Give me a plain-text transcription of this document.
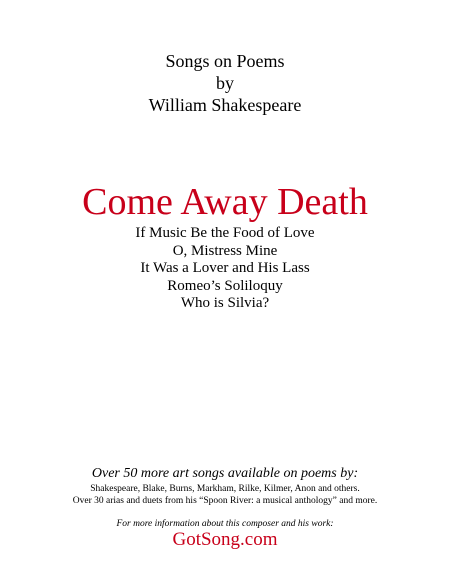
Songs on Poems
by
William Shakespeare
Come Away Death
If Music Be the Food of Love
O, Mistress Mine
It Was a Lover and His Lass
Romeo’s Soliloquy
Who is Silvia?
Over 50 more art songs available on poems by:
Shakespeare, Blake, Burns, Markham, Rilke, Kilmer, Anon and others.
Over 30 arias and duets from his “Spoon River: a musical anthology” and more.
For more information about this composer and his work:
GotSong.com
